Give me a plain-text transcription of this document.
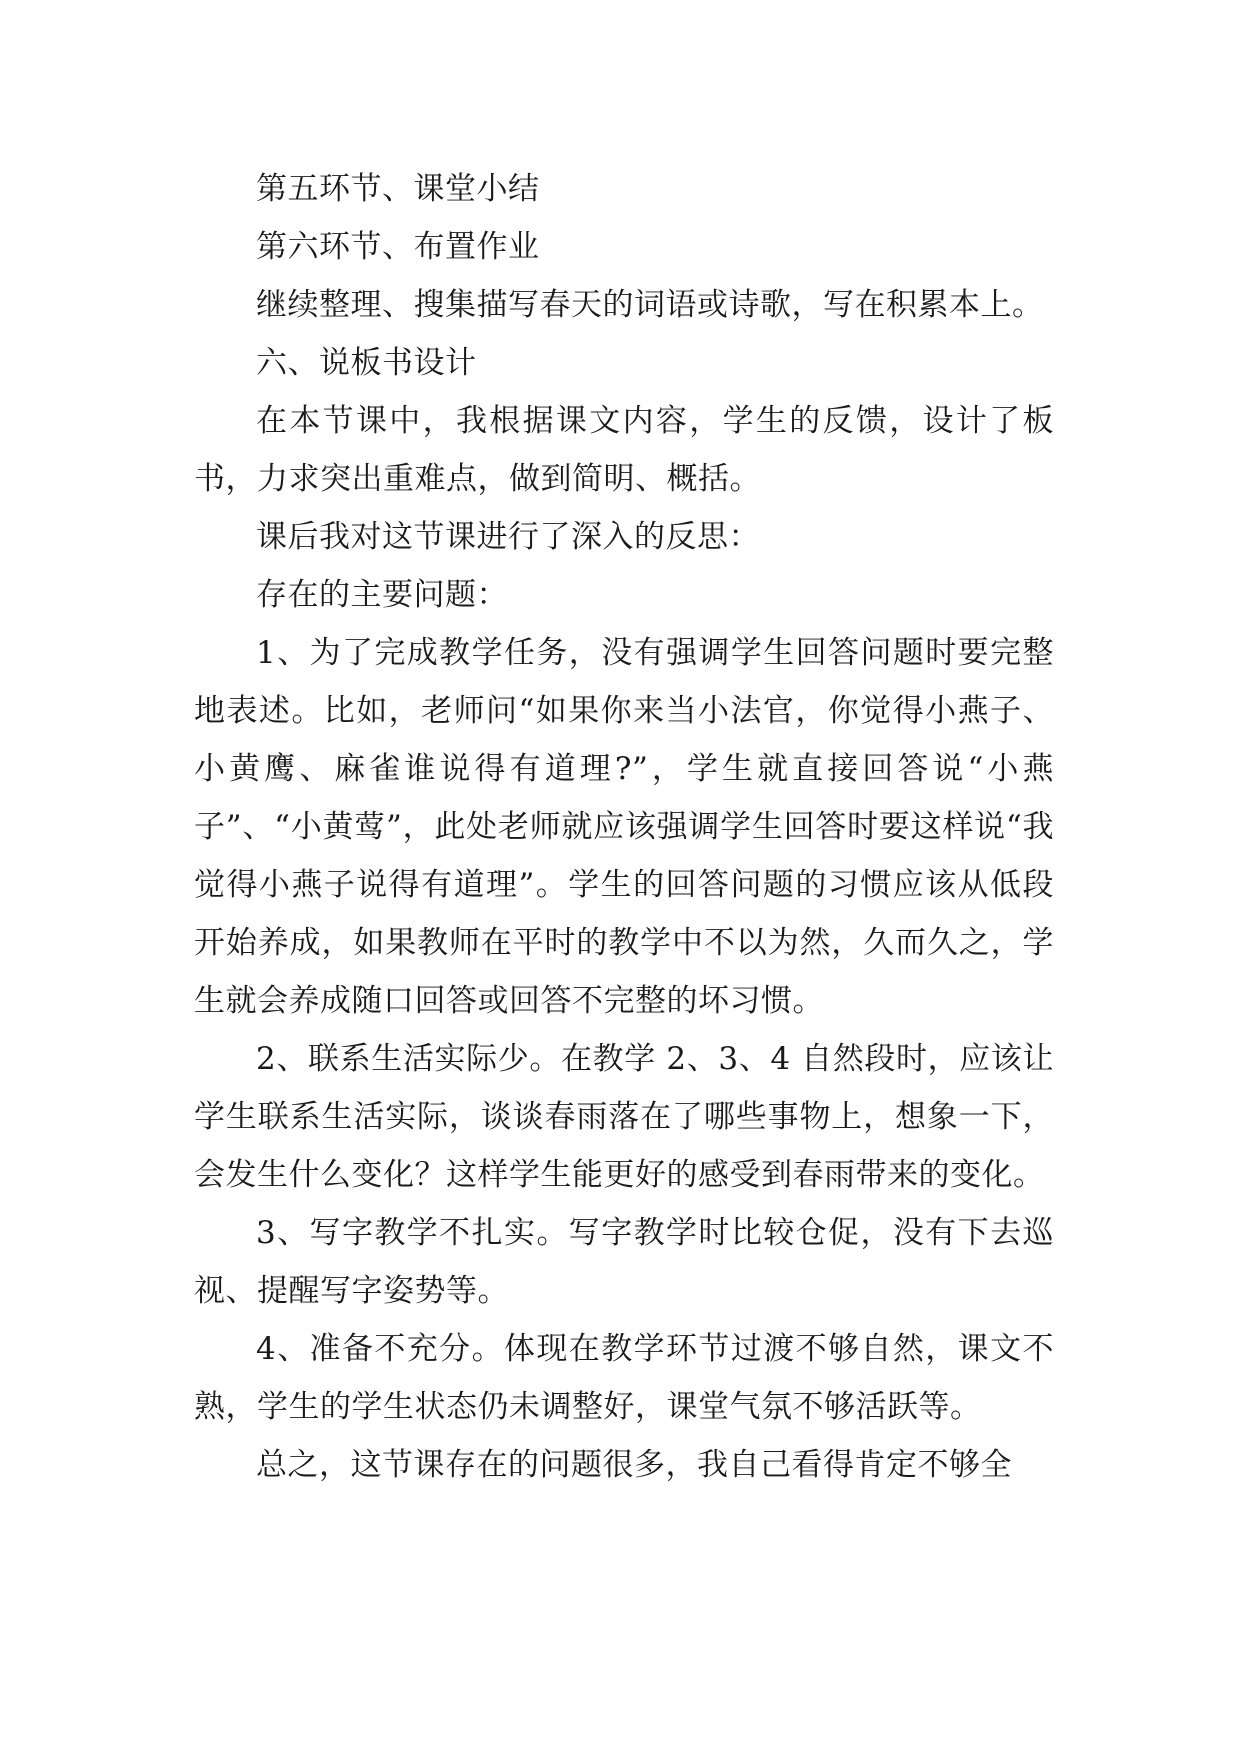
第五环节、课堂小结

第六环节、布置作业

继续整理、搜集描写春天的词语或诗歌，写在积累本上。

六、说板书设计

在本节课中，我根据课文内容，学生的反馈，设计了板书，力求突出重难点，做到简明、概括。

课后我对这节课进行了深入的反思：

存在的主要问题：

1、为了完成教学任务，没有强调学生回答问题时要完整地表述。比如，老师问“如果你来当小法官，你觉得小燕子、小黄鹰、麻雀谁说得有道理?”，学生就直接回答说“小燕子”、“小黄莺”，此处老师就应该强调学生回答时要这样说“我觉得小燕子说得有道理”。学生的回答问题的习惯应该从低段开始养成，如果教师在平时的教学中不以为然，久而久之，学生就会养成随口回答或回答不完整的坏习惯。

2、联系生活实际少。在教学 2、3、4 自然段时，应该让学生联系生活实际，谈谈春雨落在了哪些事物上，想象一下，会发生什么变化？这样学生能更好的感受到春雨带来的变化。

3、写字教学不扎实。写字教学时比较仓促，没有下去巡视、提醒写字姿势等。

4、准备不充分。体现在教学环节过渡不够自然，课文不熟，学生的学生状态仍未调整好，课堂气氛不够活跃等。

总之，这节课存在的问题很多，我自己看得肯定不够全
